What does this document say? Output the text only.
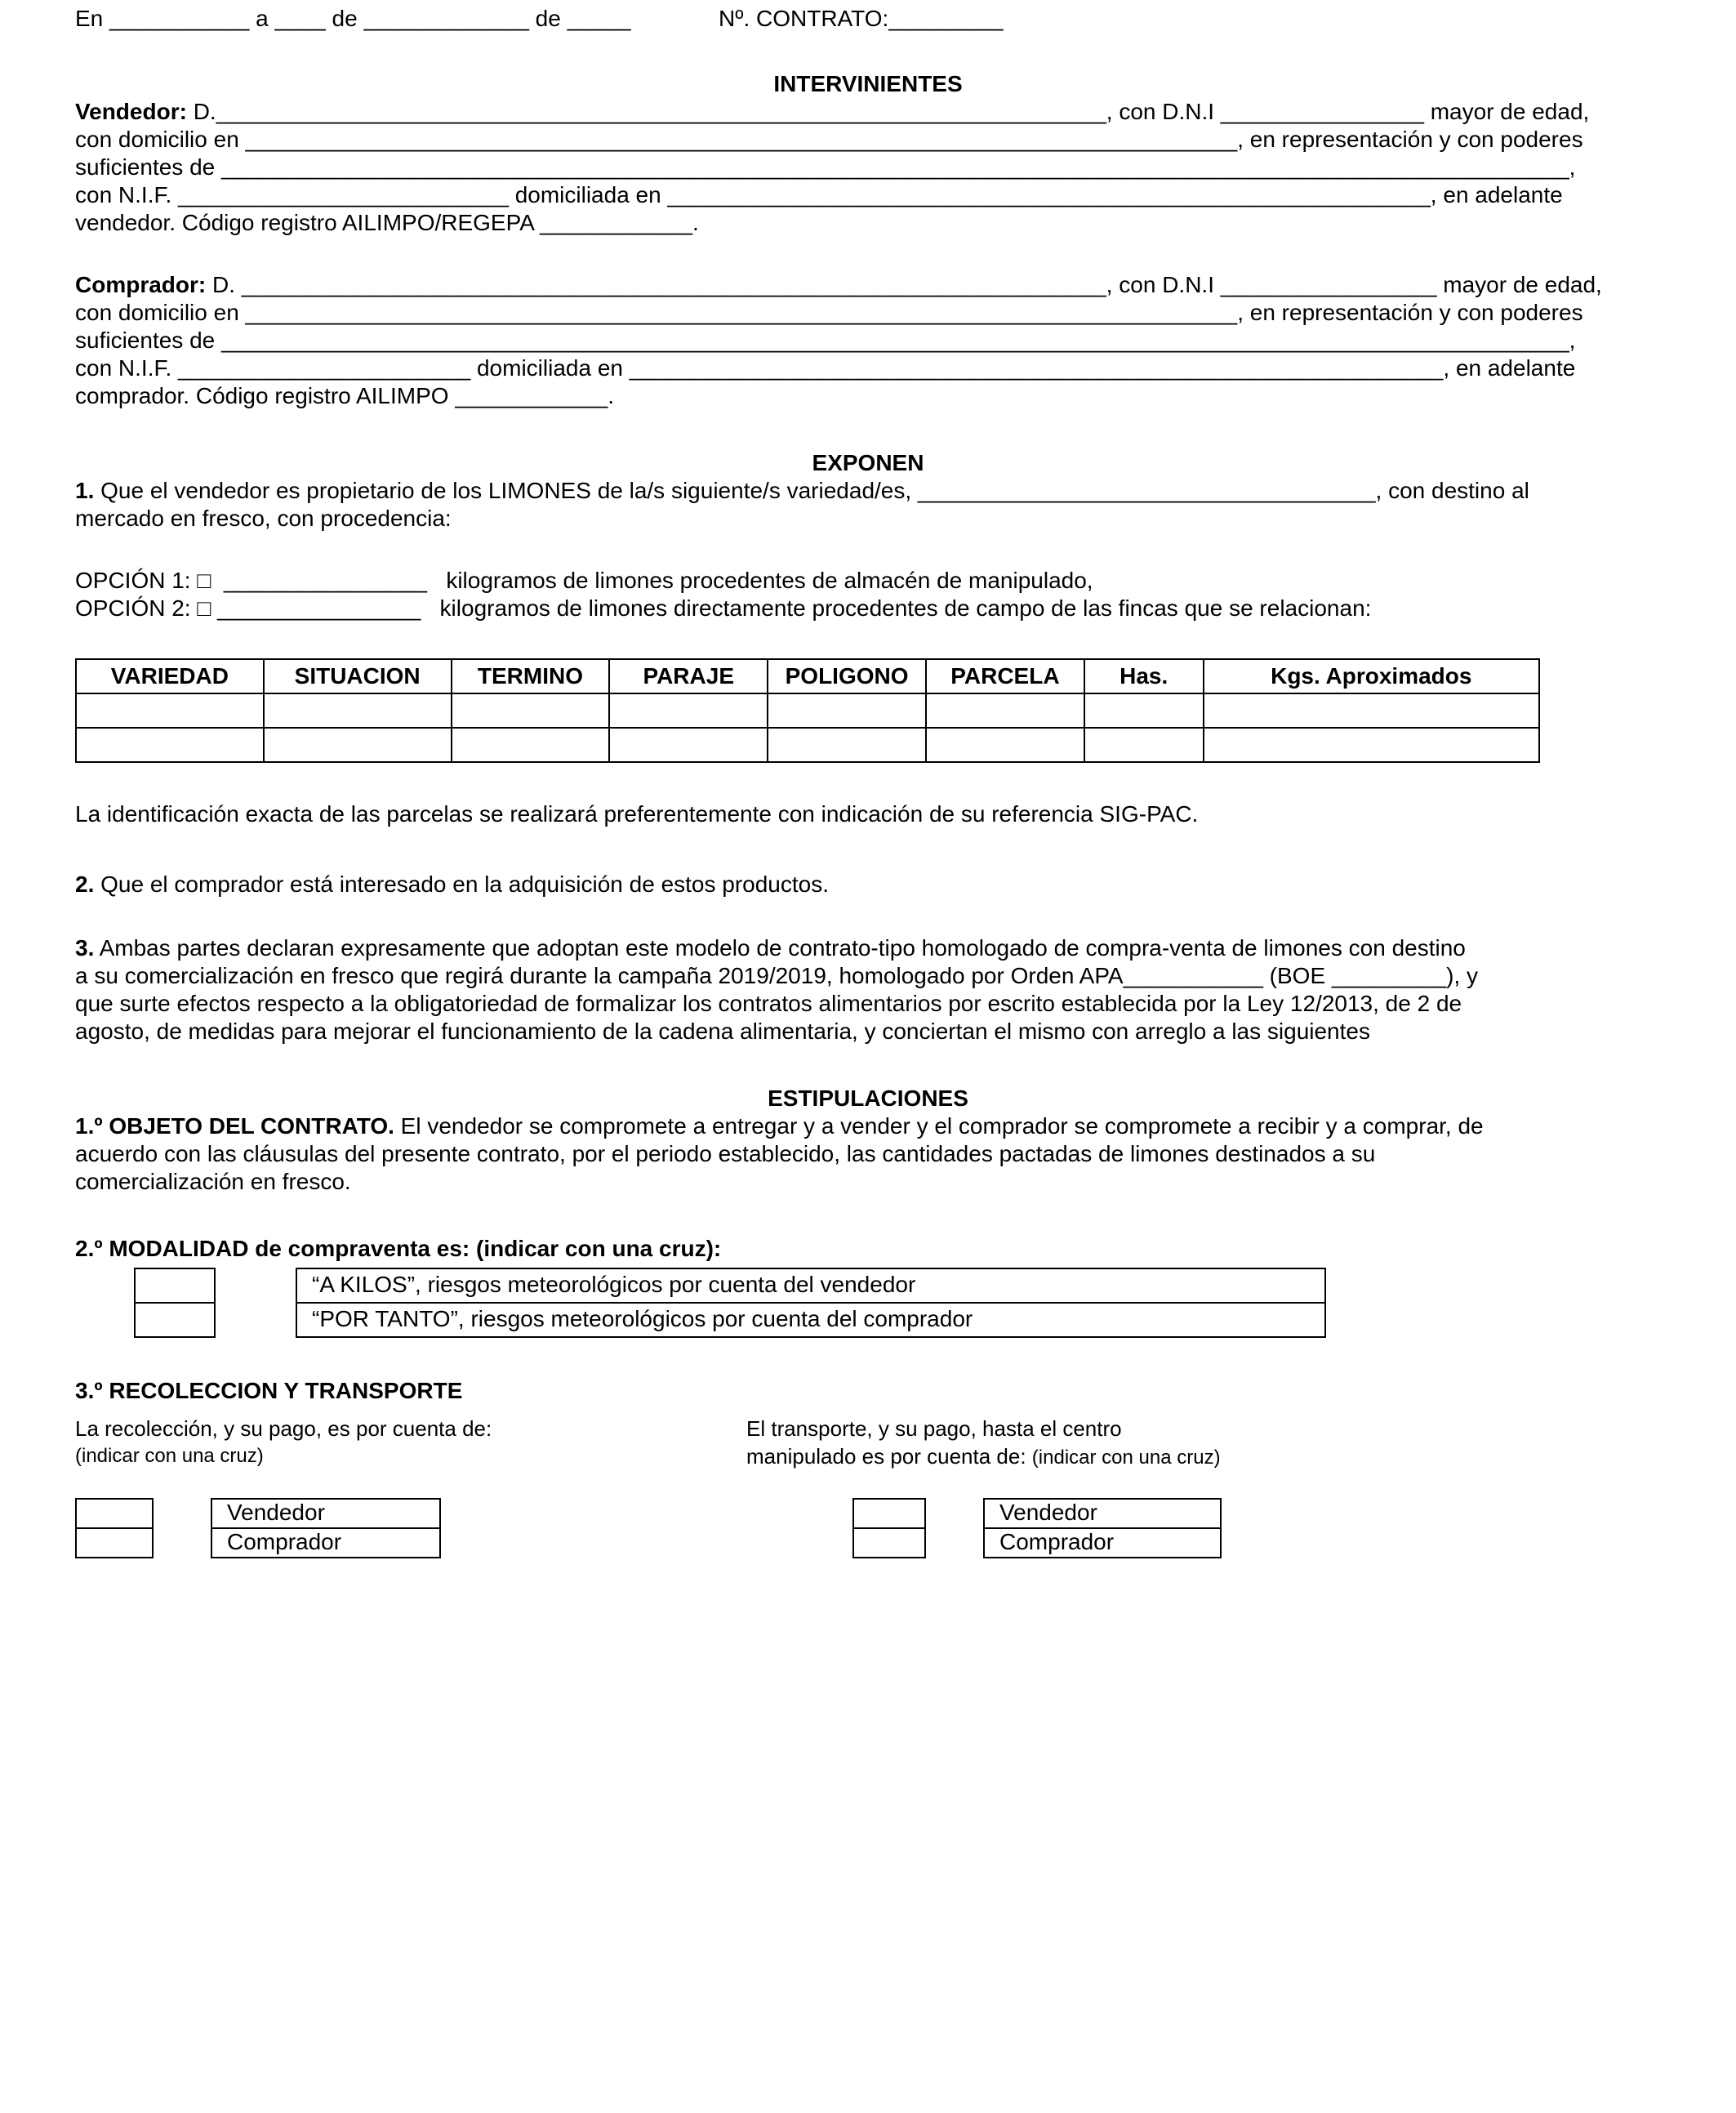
En ___________ a ____ de _____________ de _____	Nº. CONTRATO:_________
INTERVINIENTES
Vendedor: D.______________________________________________________________________, con D.N.I ________________ mayor de edad,
con domicilio en ______________________________________________________________________________, en representación y con poderes
suficientes de __________________________________________________________________________________________________________,
con N.I.F. __________________________ domiciliada en ____________________________________________________________, en adelante
vendedor. Código registro AILIMPO/REGEPA ____________.
Comprador: D. ____________________________________________________________________, con D.N.I _________________ mayor de edad,
con domicilio en ______________________________________________________________________________, en representación y con poderes
suficientes de __________________________________________________________________________________________________________,
con N.I.F. _______________________ domiciliada en ________________________________________________________________, en adelante
comprador. Código registro AILIMPO ____________.
EXPONEN
1. Que el vendedor es propietario de los LIMONES de la/s siguiente/s variedad/es, ____________________________________, con destino al
mercado en fresco, con procedencia:
OPCIÓN 1: □  ________________   kilogramos de limones procedentes de almacén de manipulado,
OPCIÓN 2: □ ________________   kilogramos de limones directamente procedentes de campo de las fincas que se relacionan:
VARIEDAD	SITUACION	TERMINO	PARAJE	POLIGONO	PARCELA	Has.	Kgs. Aproximados

La identificación exacta de las parcelas se realizará preferentemente con indicación de su referencia SIG-PAC.
2. Que el comprador está interesado en la adquisición de estos productos.
3. Ambas partes declaran expresamente que adoptan este modelo de contrato-tipo homologado de compra-venta de limones con destino
a su comercialización en fresco que regirá durante la campaña 2019/2019, homologado por Orden APA___________ (BOE _________), y
que surte efectos respecto a la obligatoriedad de formalizar los contratos alimentarios por escrito establecida por la Ley 12/2013, de 2 de
agosto, de medidas para mejorar el funcionamiento de la cadena alimentaria, y conciertan el mismo con arreglo a las siguientes
ESTIPULACIONES
1.º OBJETO DEL CONTRATO. El vendedor se compromete a entregar y a vender y el comprador se compromete a recibir y a comprar, de
acuerdo con las cláusulas del presente contrato, por el periodo establecido, las cantidades pactadas de limones destinados a su
comercialización en fresco.
2.º MODALIDAD de compraventa es: (indicar con una cruz):
“A KILOS”, riesgos meteorológicos por cuenta del vendedor
“POR TANTO”, riesgos meteorológicos por cuenta del comprador
3.º RECOLECCION Y TRANSPORTE
La recolección, y su pago, es por cuenta de:
(indicar con una cruz)
El transporte, y su pago, hasta el centro
manipulado es por cuenta de: (indicar con una cruz)
Vendedor
Comprador
Vendedor
Comprador
